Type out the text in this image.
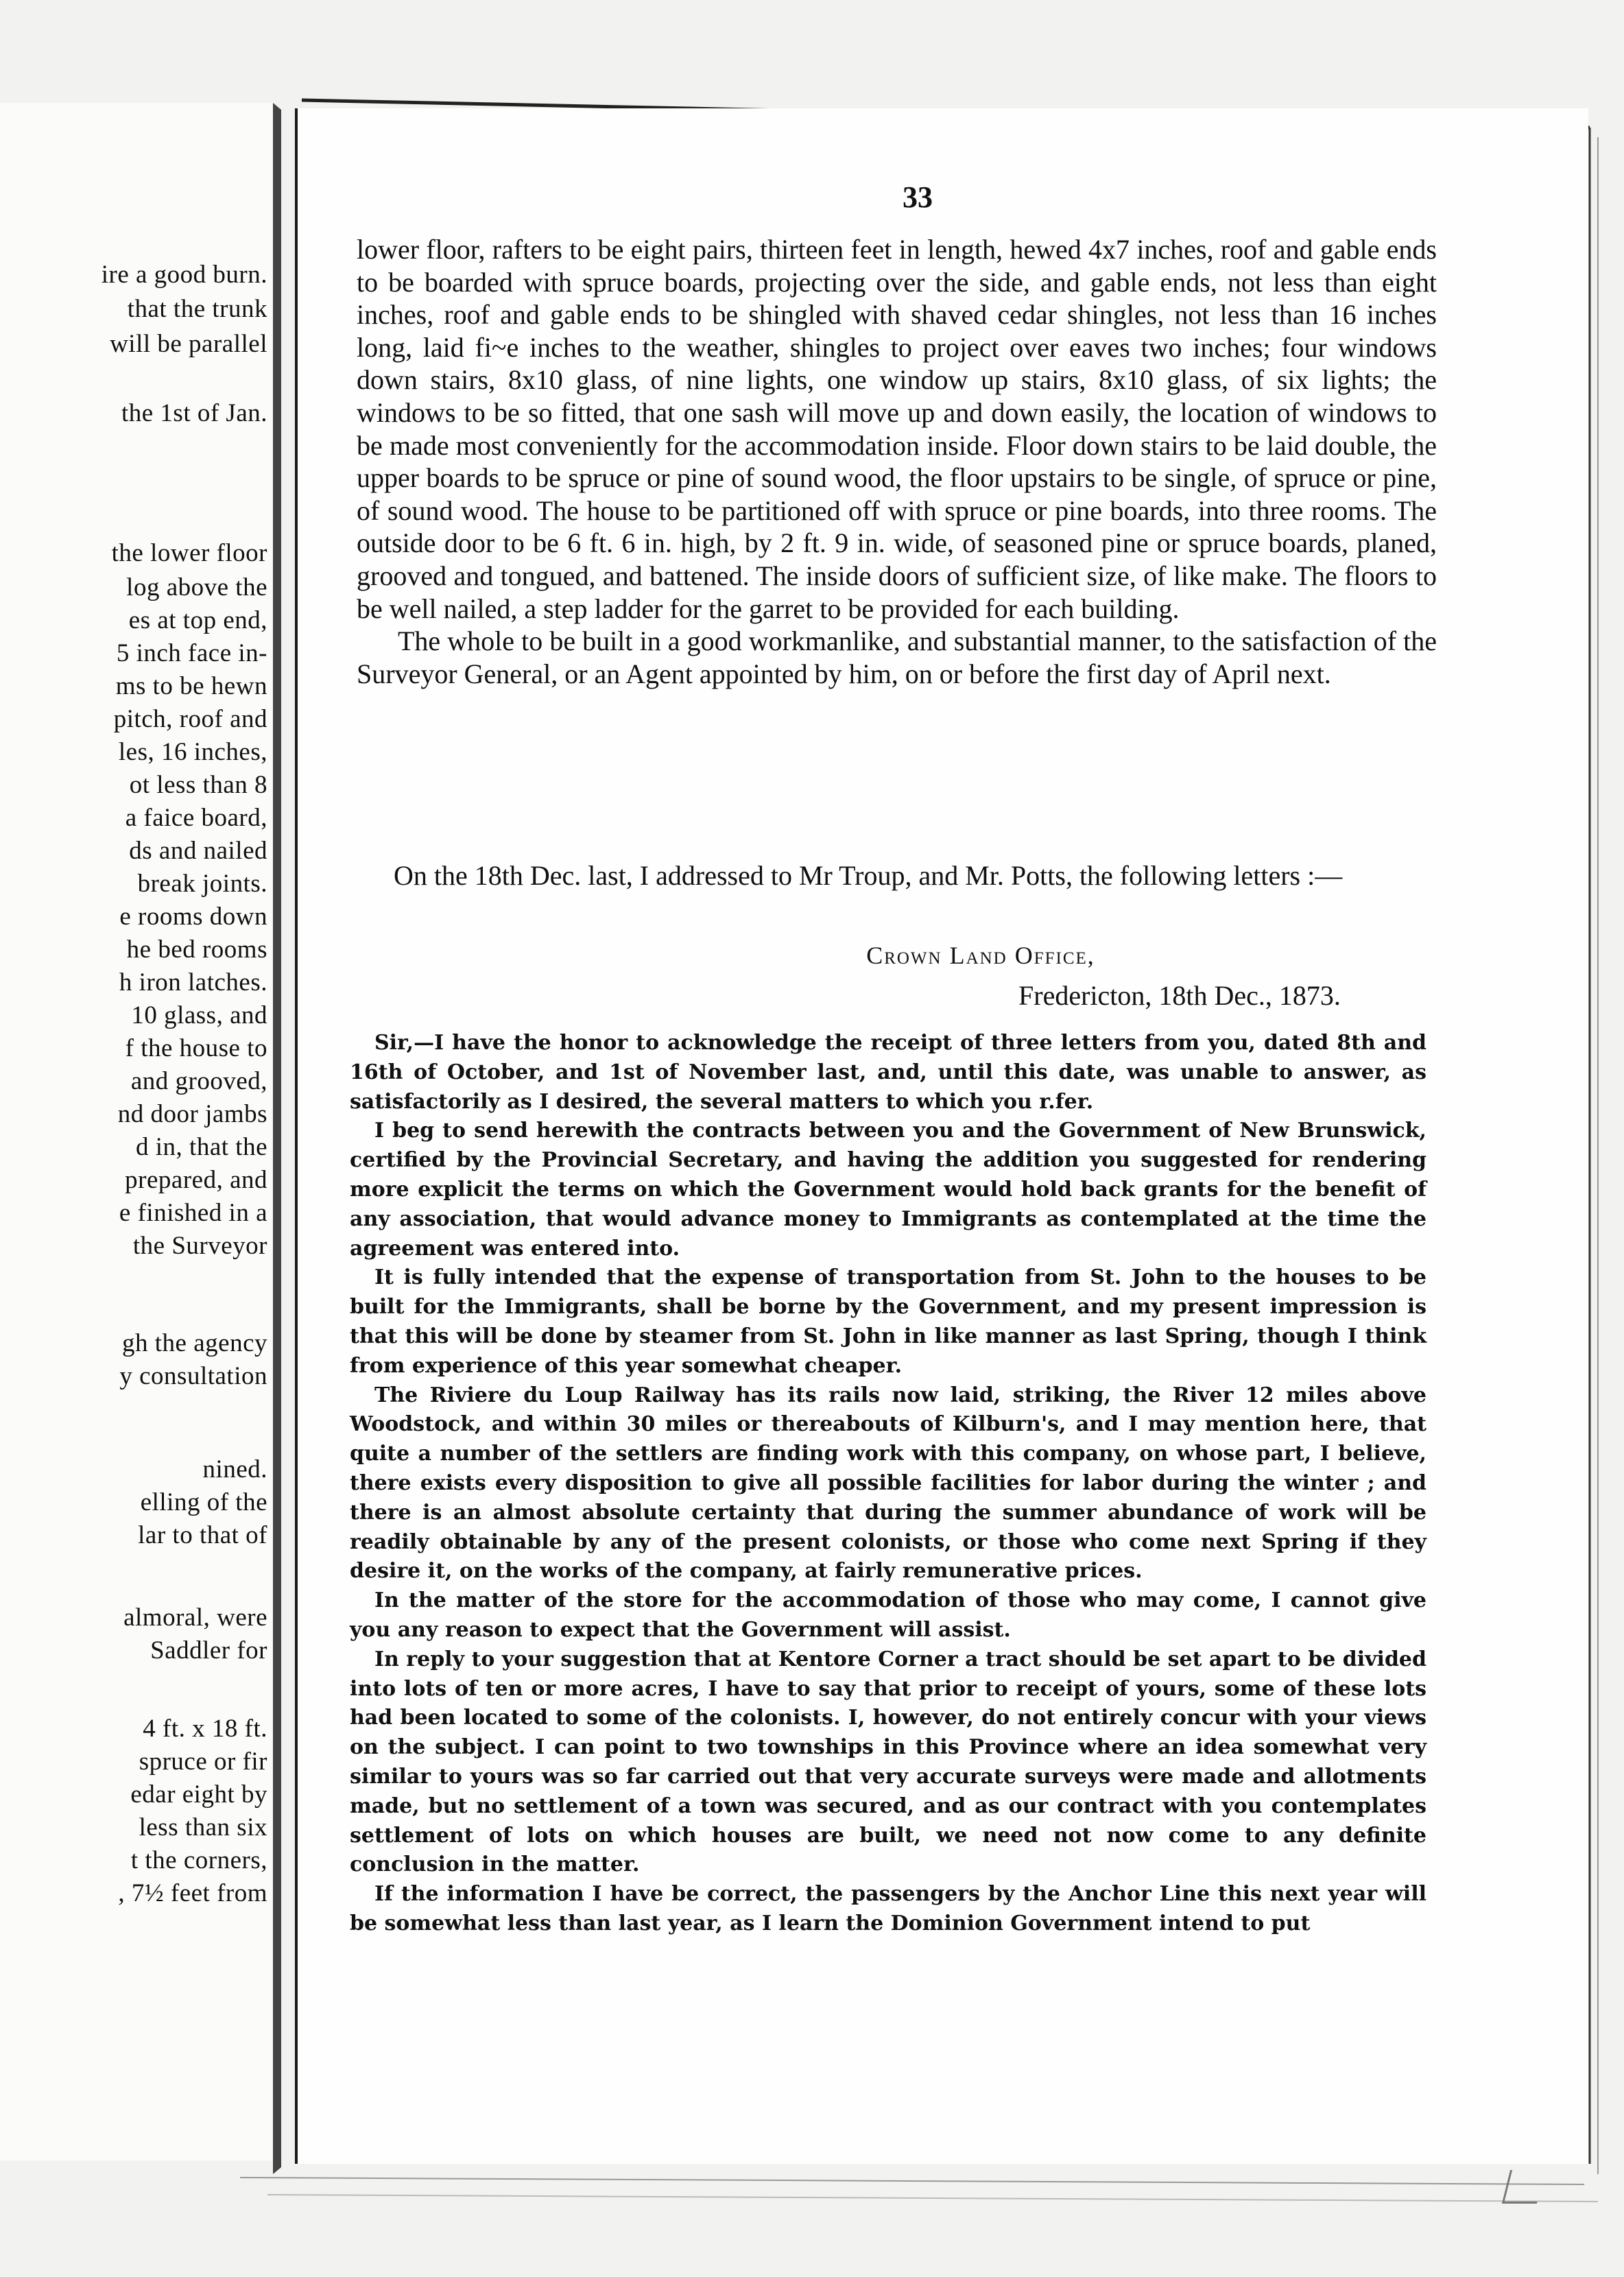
ire a good burn.
that the trunk
will be parallel
the 1st of Jan.
the lower floor
log above the
es at top end,
5 inch face in-
ms to be hewn
pitch, roof and
les, 16 inches,
ot less than 8
a faice board,
ds and nailed
break joints.
e rooms down
he bed rooms
h iron latches.
10 glass, and
f the house to
and grooved,
nd door jambs
d in, that the
prepared, and
e finished in a
the Surveyor
gh the agency
y consultation
nined.
elling of the
lar to that of
almoral, were
Saddler for
4 ft. x 18 ft.
spruce or fir
edar eight by
less than six
t the corners,
, 7½ feet from
33

lower floor, rafters to be eight pairs, thirteen feet in length, hewed 4x7 inches, roof and gable ends to be boarded with spruce boards, projecting over the side, and gable ends, not less than eight inches, roof and gable ends to be shingled with shaved cedar shingles, not less than 16 inches long, laid fi~e inches to the weather, shingles to project over eaves two inches; four windows down stairs, 8x10 glass, of nine lights, one window up stairs, 8x10 glass, of six lights; the windows to be so fitted, that one sash will move up and down easily, the location of windows to be made most conveniently for the accommodation inside. Floor down stairs to be laid double, the upper boards to be spruce or pine of sound wood, the floor upstairs to be single, of spruce or pine, of sound wood. The house to be partitioned off with spruce or pine boards, into three rooms. The outside door to be 6 ft. 6 in. high, by 2 ft. 9 in. wide, of seasoned pine or spruce boards, planed, grooved and tongued, and battened. The inside doors of sufficient size, of like make. The floors to be well nailed, a step ladder for the garret to be provided for each building.

The whole to be built in a good workmanlike, and substantial manner, to the satisfaction of the Surveyor General, or an Agent appointed by him, on or before the first day of April next.

On the 18th Dec. last, I addressed to Mr Troup, and Mr. Potts, the following letters :—

Crown Land Office,

Fredericton, 18th Dec., 1873.

Sir,—I have the honor to acknowledge the receipt of three letters from you, dated 8th and 16th of October, and 1st of November last, and, until this date, was unable to answer, as satisfactorily as I desired, the several matters to which you r.fer.

I beg to send herewith the contracts between you and the Government of New Brunswick, certified by the Provincial Secretary, and having the addition you suggested for rendering more explicit the terms on which the Government would hold back grants for the benefit of any association, that would advance money to Immigrants as contemplated at the time the agreement was entered into.

It is fully intended that the expense of transportation from St. John to the houses to be built for the Immigrants, shall be borne by the Government, and my present impression is that this will be done by steamer from St. John in like manner as last Spring, though I think from experience of this year somewhat cheaper.

The Riviere du Loup Railway has its rails now laid, striking, the River 12 miles above Woodstock, and within 30 miles or thereabouts of Kilburn's, and I may mention here, that quite a number of the settlers are finding work with this company, on whose part, I believe, there exists every disposition to give all possible facilities for labor during the winter ; and there is an almost absolute certainty that during the summer abundance of work will be readily obtainable by any of the present colonists, or those who come next Spring if they desire it, on the works of the company, at fairly remunerative prices.

In the matter of the store for the accommodation of those who may come, I cannot give you any reason to expect that the Government will assist.

In reply to your suggestion that at Kentore Corner a tract should be set apart to be divided into lots of ten or more acres, I have to say that prior to receipt of yours, some of these lots had been located to some of the colonists. I, however, do not entirely concur with your views on the subject. I can point to two townships in this Province where an idea somewhat very similar to yours was so far carried out that very accurate surveys were made and allotments made, but no settlement of a town was secured, and as our contract with you contemplates settlement of lots on which houses are built, we need not now come to any definite conclusion in the matter.

If the information I have be correct, the passengers by the Anchor Line this next year will be somewhat less than last year, as I learn the Dominion Government intend to put
